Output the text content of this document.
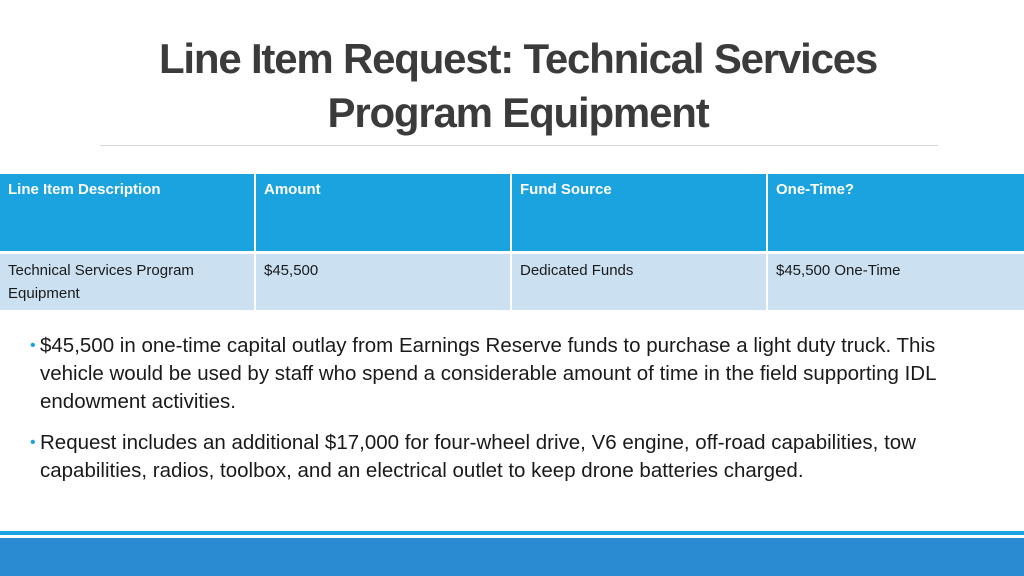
Line Item Request: Technical Services Program Equipment
Line Item Description	Amount	Fund Source	One-Time?
Technical Services Program Equipment	$45,500	Dedicated Funds	$45,500 One-Time
• $45,500 in one-time capital outlay from Earnings Reserve funds to purchase a light duty truck. This vehicle would be used by staff who spend a considerable amount of time in the field supporting IDL endowment activities.
• Request includes an additional $17,000 for four-wheel drive, V6 engine, off-road capabilities, tow capabilities, radios, toolbox, and an electrical outlet to keep drone batteries charged.
